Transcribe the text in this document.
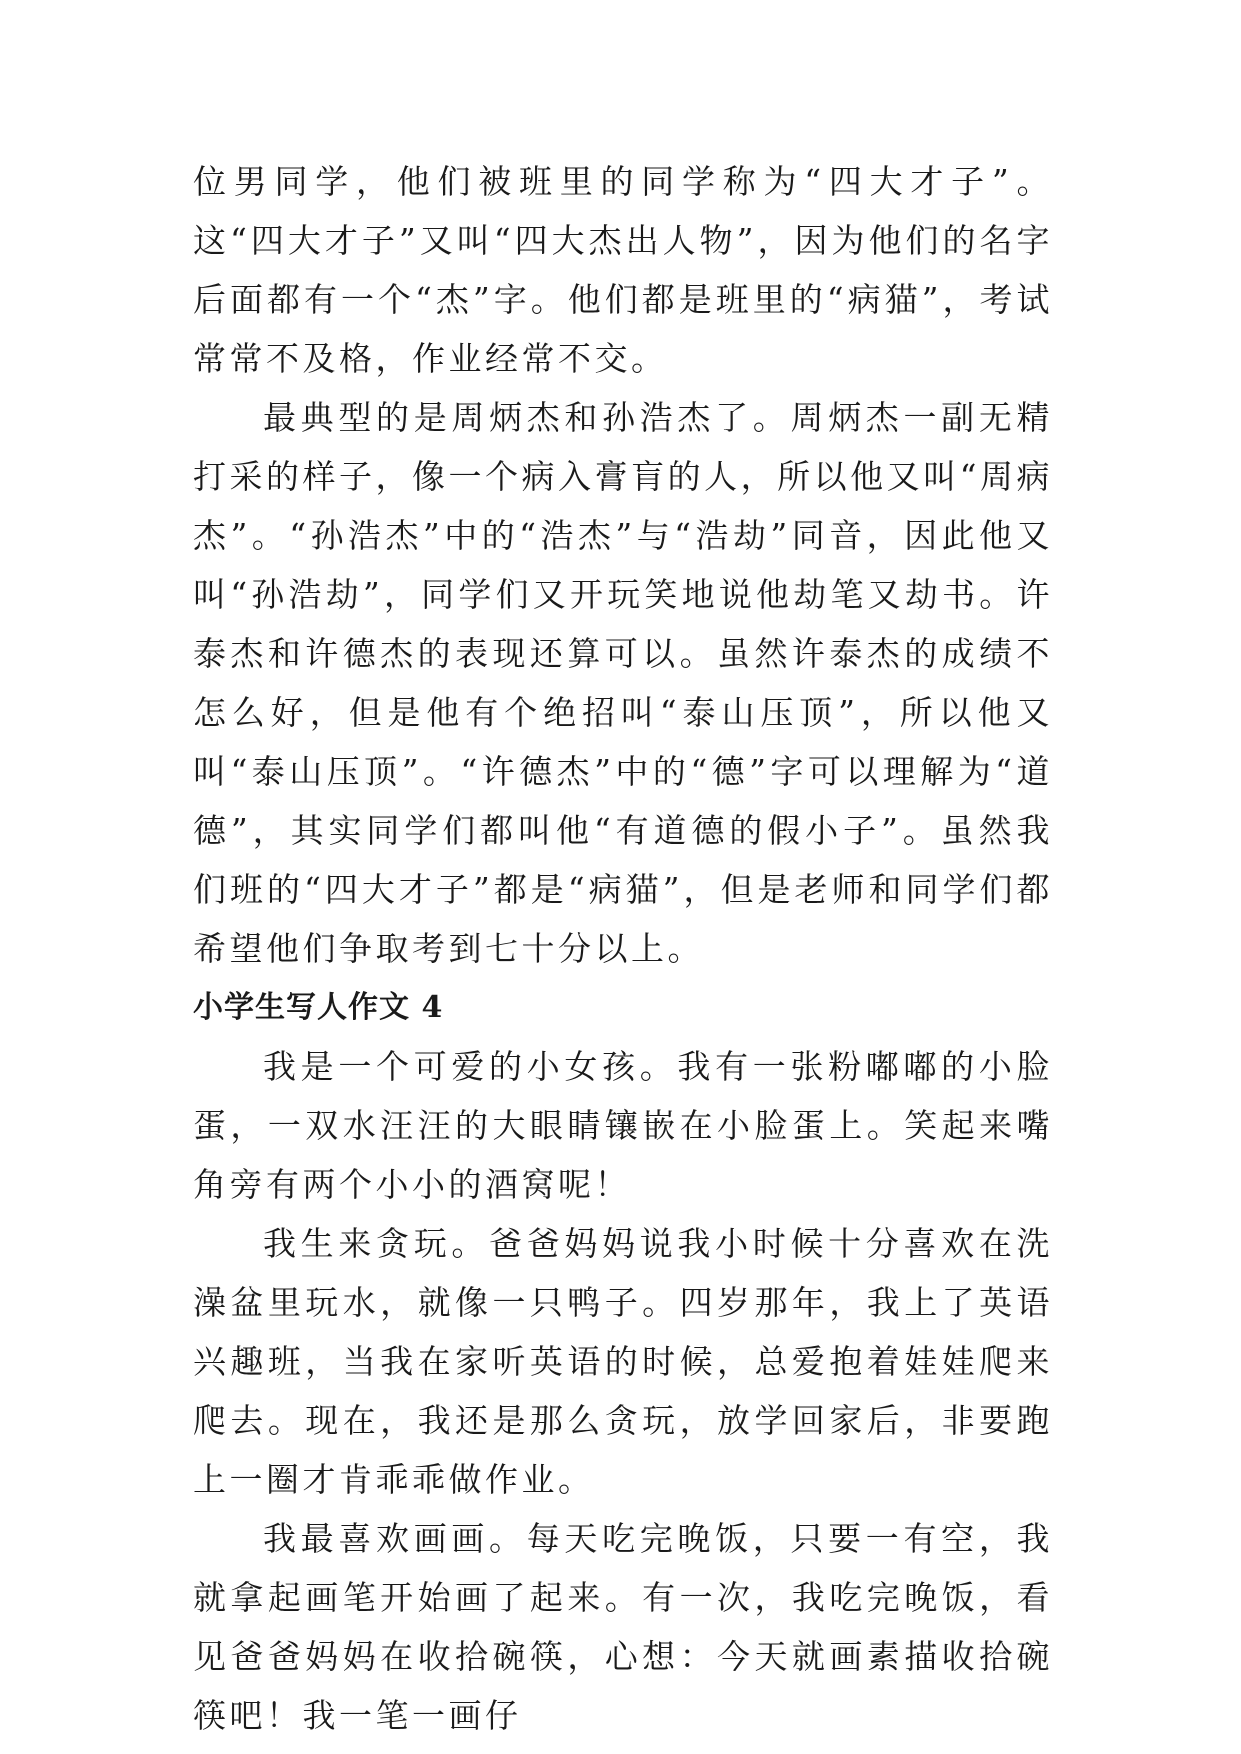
位男同学，他们被班里的同学称为“四大才子”。这“四大才子”又叫“四大杰出人物”，因为他们的名字后面都有一个“杰”字。他们都是班里的“病猫”，考试常常不及格，作业经常不交。

最典型的是周炳杰和孙浩杰了。周炳杰一副无精打采的样子，像一个病入膏肓的人，所以他又叫“周病杰”。“孙浩杰”中的“浩杰”与“浩劫”同音，因此他又叫“孙浩劫”，同学们又开玩笑地说他劫笔又劫书。许泰杰和许德杰的表现还算可以。虽然许泰杰的成绩不怎么好，但是他有个绝招叫“泰山压顶”，所以他又叫“泰山压顶”。“许德杰”中的“德”字可以理解为“道德”，其实同学们都叫他“有道德的假小子”。虽然我们班的“四大才子”都是“病猫”，但是老师和同学们都希望他们争取考到七十分以上。

小学生写人作文 4

我是一个可爱的小女孩。我有一张粉嘟嘟的小脸蛋，一双水汪汪的大眼睛镶嵌在小脸蛋上。笑起来嘴角旁有两个小小的酒窝呢！

我生来贪玩。爸爸妈妈说我小时候十分喜欢在洗澡盆里玩水，就像一只鸭子。四岁那年，我上了英语兴趣班，当我在家听英语的时候，总爱抱着娃娃爬来爬去。现在，我还是那么贪玩，放学回家后，非要跑上一圈才肯乖乖做作业。

我最喜欢画画。每天吃完晚饭，只要一有空，我就拿起画笔开始画了起来。有一次，我吃完晚饭，看见爸爸妈妈在收拾碗筷，心想：今天就画素描收拾碗筷吧！我一笔一画仔
